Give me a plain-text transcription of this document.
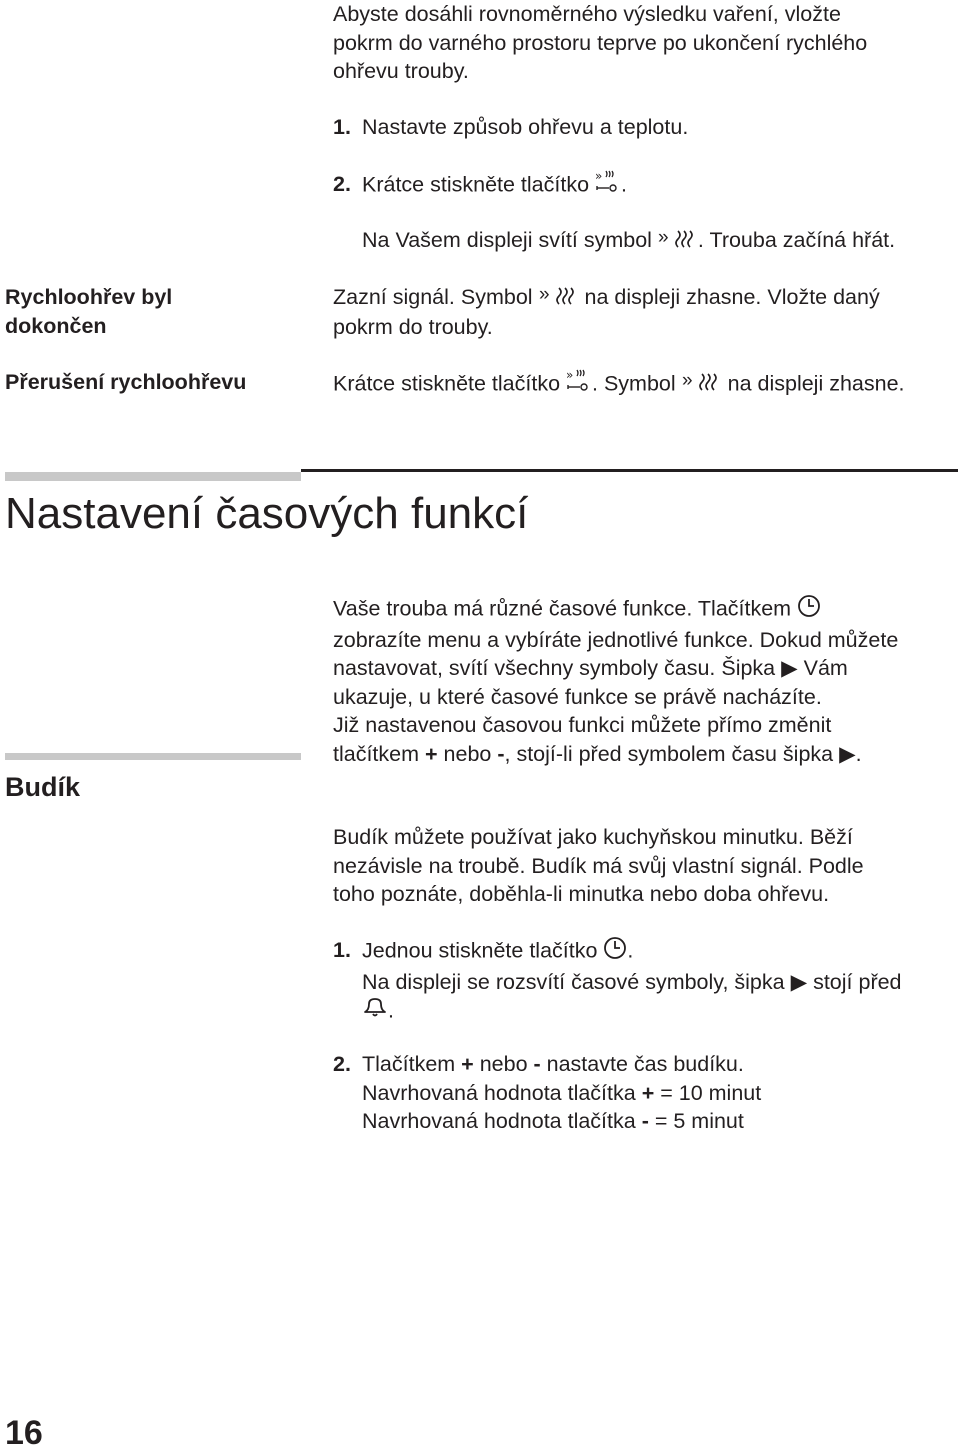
Abyste dosáhli rovnoměrného výsledku vaření, vložte
pokrm do varného prostoru teprve po ukončení rychlého
ohřevu trouby.
1. Nastavte způsob ohřevu a teplotu.
2. Krátce stiskněte tlačítko » .
Na Vašem displeji svítí symbol » . Trouba začíná hřát.
Rychloohřev byl
dokončen
Zazní signál. Symbol » na displeji zhasne. Vložte daný
pokrm do trouby.
Přerušení rychloohřevu	Krátce stiskněte tlačítko » . Symbol » na displeji zhasne.
Nastavení časových funkcí
Vaše trouba má různé časové funkce. Tlačítkem
zobrazíte menu a vybíráte jednotlivé funkce. Dokud můžete
nastavovat, svítí všechny symboly času. Šipka ▶ Vám
ukazuje, u které časové funkce se právě nacházíte.
Již nastavenou časovou funkci můžete přímo změnit
tlačítkem + nebo -, stojí-li před symbolem času šipka ▶.
Budík
Budík můžete používat jako kuchyňskou minutku. Běží
nezávisle na troubě. Budík má svůj vlastní signál. Podle
toho poznáte, doběhla-li minutka nebo doba ohřevu.
1. Jednou stiskněte tlačítko .
Na displeji se rozsvítí časové symboly, šipka ▶ stojí před
.
2. Tlačítkem + nebo - nastavte čas budíku.
Navrhovaná hodnota tlačítka + = 10 minut
Navrhovaná hodnota tlačítka - = 5 minut
16
